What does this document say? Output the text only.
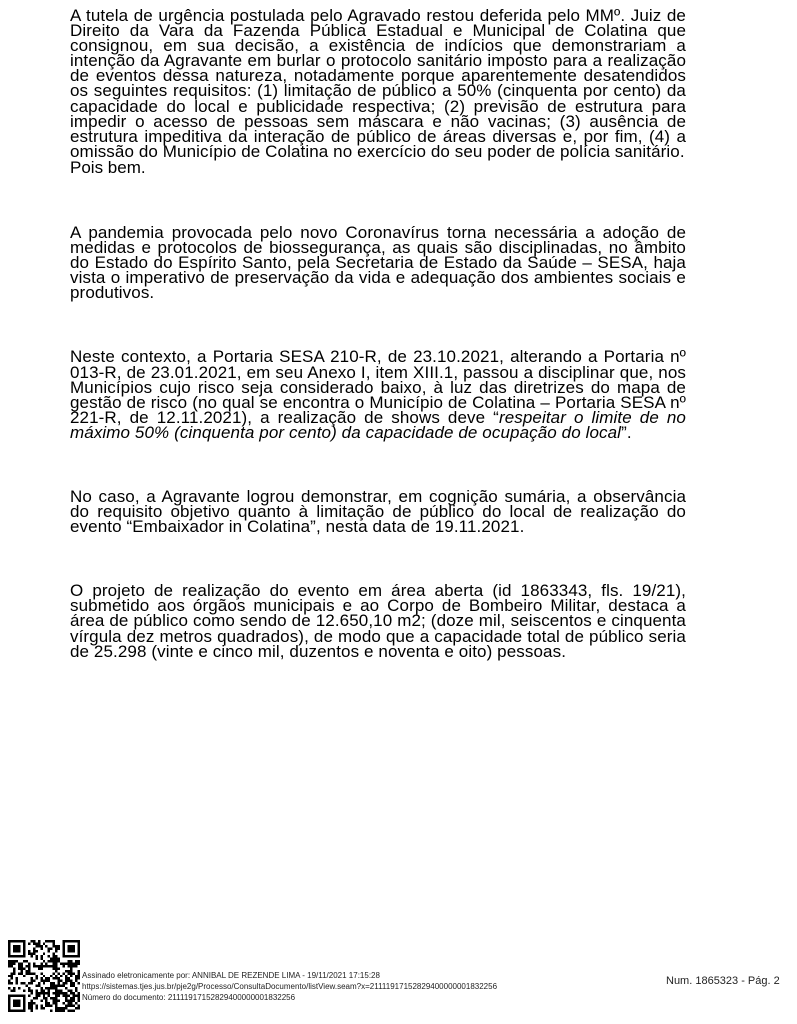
A tutela de urgência postulada pelo Agravado restou deferida pelo MMº. Juiz de Direito da Vara da Fazenda Pública Estadual e Municipal de Colatina que consignou, em sua decisão, a existência de indícios que demonstrariam a intenção da Agravante em burlar o protocolo sanitário imposto para a realização de eventos dessa natureza, notadamente porque aparentemente desatendidos os seguintes requisitos: (1) limitação de público a 50% (cinquenta por cento) da capacidade do local e publicidade respectiva; (2) previsão de estrutura para impedir o acesso de pessoas sem máscara e não vacinas; (3) ausência de estrutura impeditiva da interação de público de áreas diversas e, por fim, (4) a omissão do Município de Colatina no exercício do seu poder de polícia sanitário.

Pois bem.

A pandemia provocada pelo novo Coronavírus torna necessária a adoção de medidas e protocolos de biossegurança, as quais são disciplinadas, no âmbito do Estado do Espírito Santo, pela Secretaria de Estado da Saúde – SESA, haja vista o imperativo de preservação da vida e adequação dos ambientes sociais e produtivos.

Neste contexto, a Portaria SESA 210-R, de 23.10.2021, alterando a Portaria nº 013-R, de 23.01.2021, em seu Anexo I, item XIII.1, passou a disciplinar que, nos Municípios cujo risco seja considerado baixo, à luz das diretrizes do mapa de gestão de risco (no qual se encontra o Município de Colatina – Portaria SESA nº 221-R, de 12.11.2021), a realização de shows deve “respeitar o limite de no máximo 50% (cinquenta por cento) da capacidade de ocupação do local”.

No caso, a Agravante logrou demonstrar, em cognição sumária, a observância do requisito objetivo quanto à limitação de público do local de realização do evento “Embaixador in Colatina”, nesta data de 19.11.2021.

O projeto de realização do evento em área aberta (id 1863343, fls. 19/21), submetido aos órgãos municipais e ao Corpo de Bombeiro Militar, destaca a área de público como sendo de 12.650,10 m2; (doze mil, seiscentos e cinquenta vírgula dez metros quadrados), de modo que a capacidade total de público seria de 25.298 (vinte e cinco mil, duzentos e noventa e oito) pessoas.

Assinado eletronicamente por: ANNIBAL DE REZENDE LIMA - 19/11/2021 17:15:28
https://sistemas.tjes.jus.br/pje2g/Processo/ConsultaDocumento/listView.seam?x=21111917152829400000001832256
Número do documento: 21111917152829400000001832256
Num. 1865323 - Pág. 2
